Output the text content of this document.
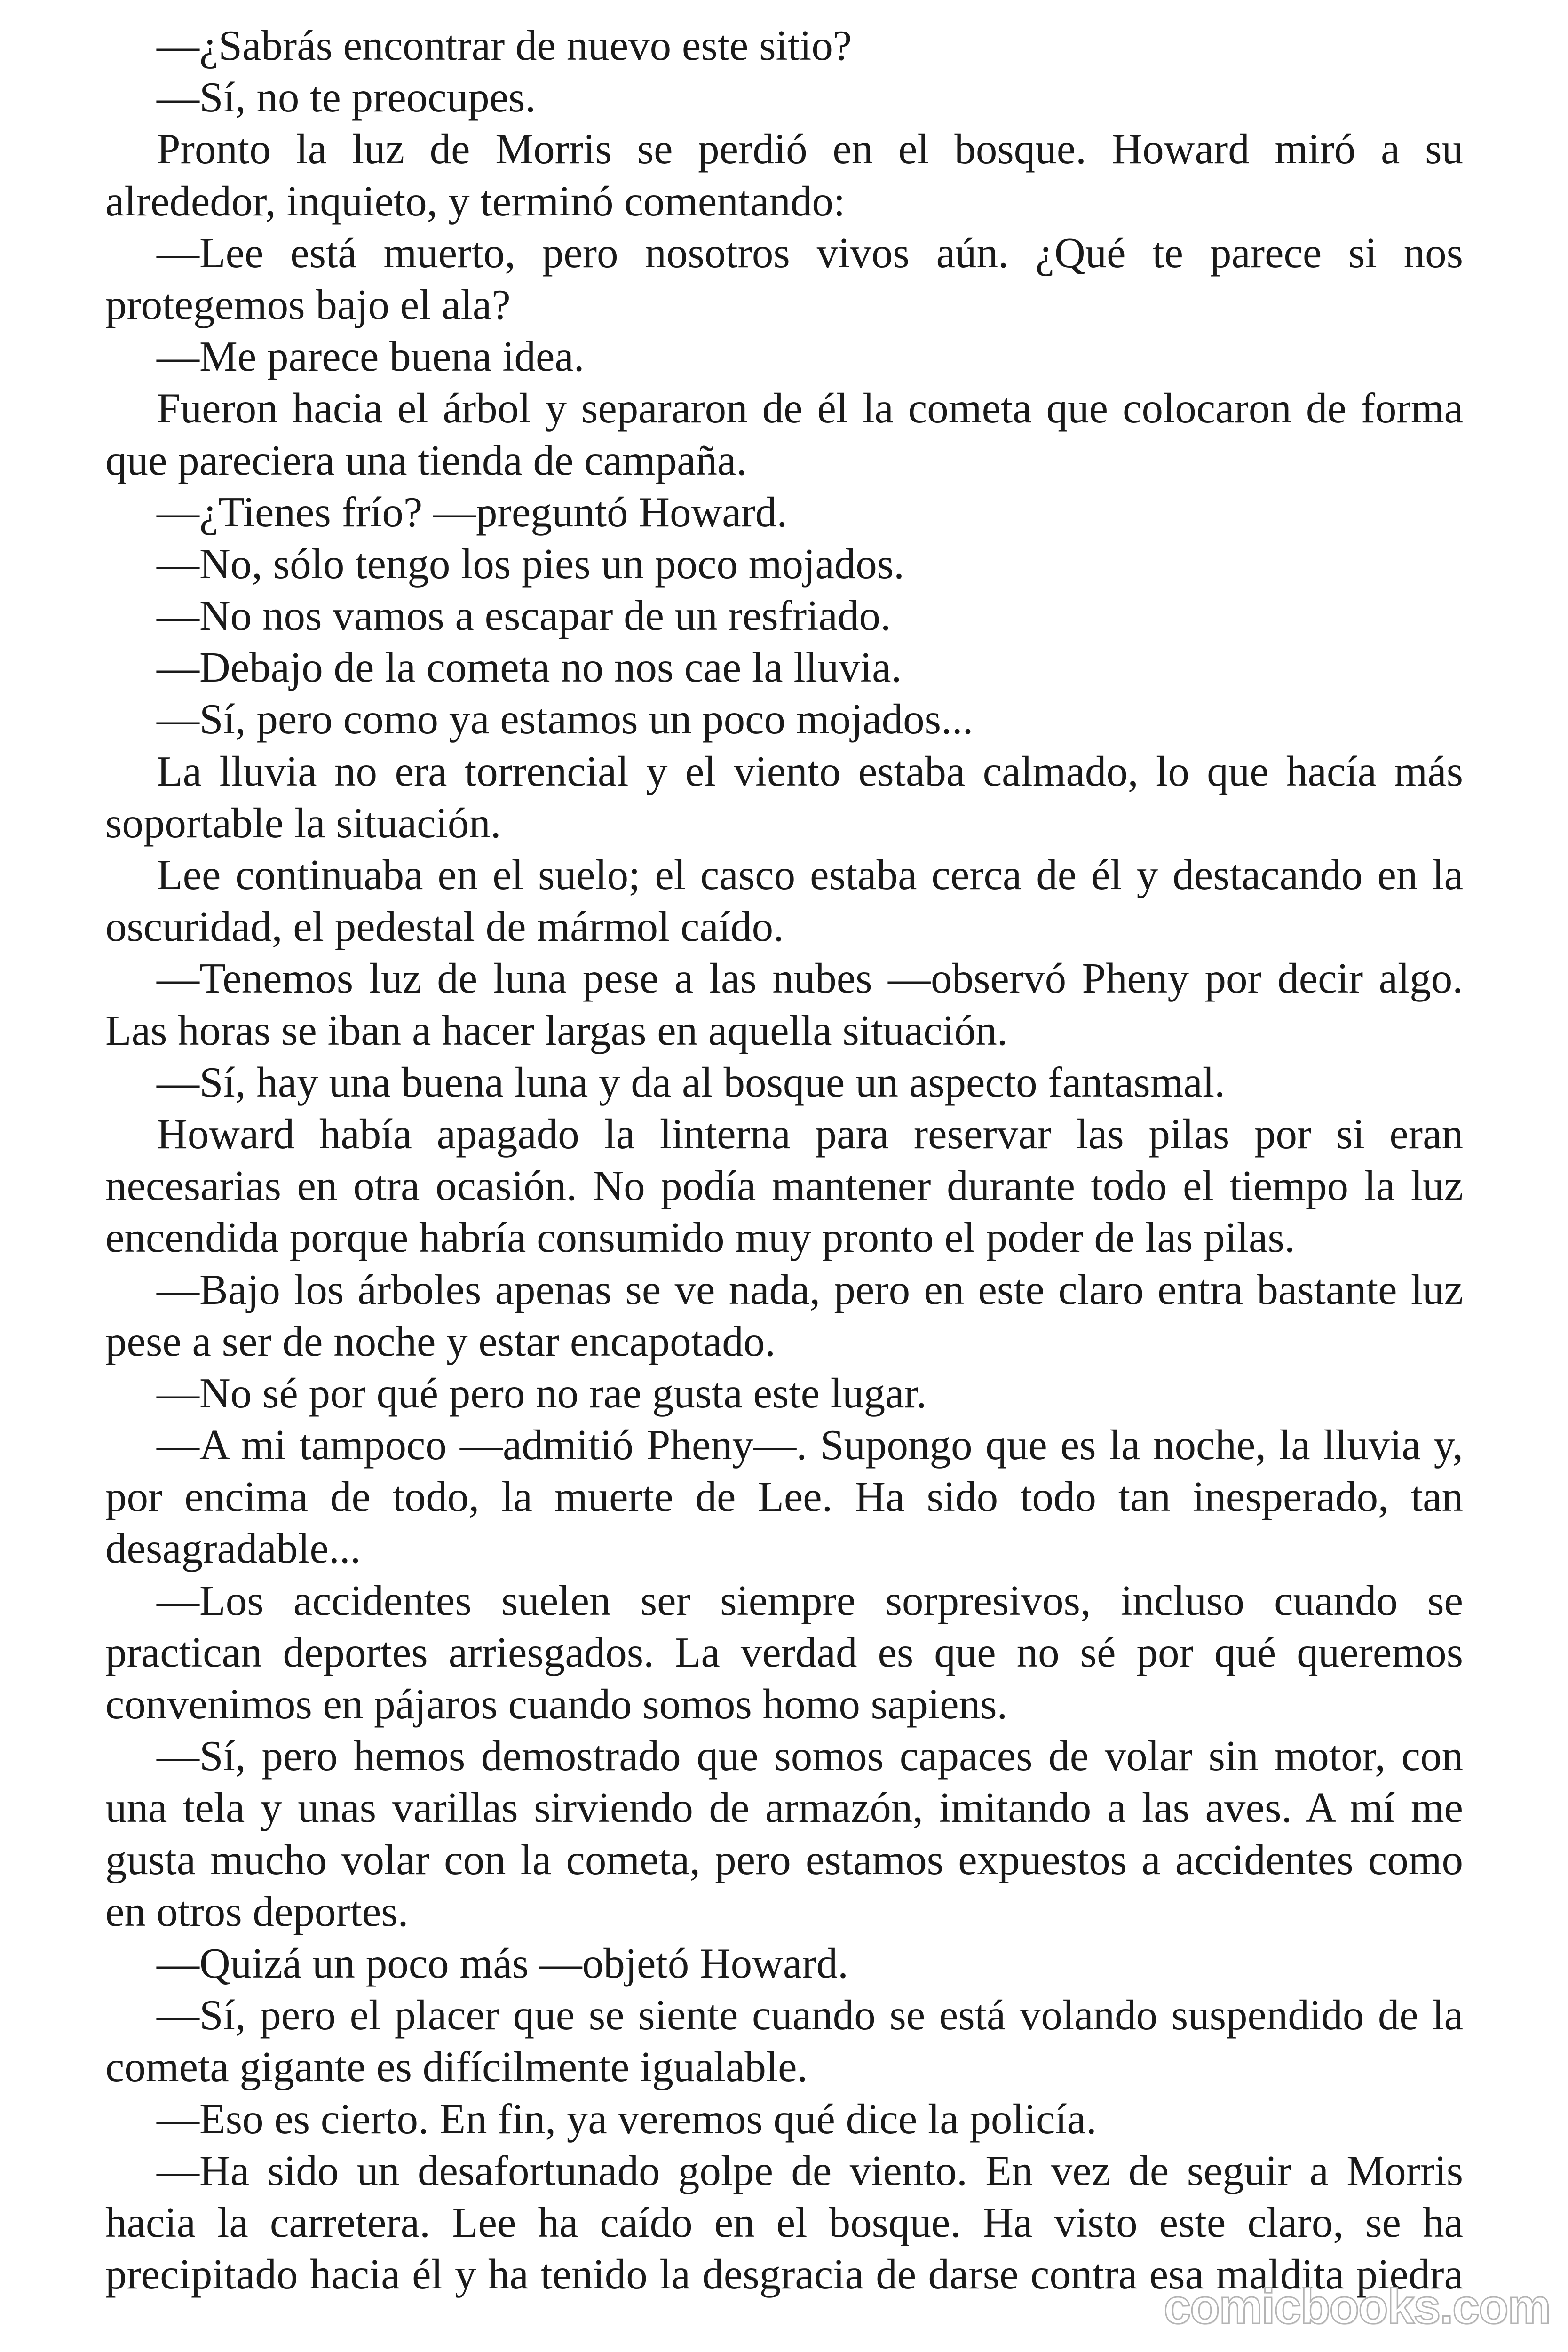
—¿Sabrás encontrar de nuevo este sitio?

—Sí, no te preocupes.

Pronto la luz de Morris se perdió en el bosque. Howard miró a su
alrededor, inquieto, y terminó comentando:

—Lee está muerto, pero nosotros vivos aún. ¿Qué te parece si nos
protegemos bajo el ala?

—Me parece buena idea.

Fueron hacia el árbol y separaron de él la cometa que colocaron de forma
que pareciera una tienda de campaña.

—¿Tienes frío? —preguntó Howard.

—No, sólo tengo los pies un poco mojados.

—No nos vamos a escapar de un resfriado.

—Debajo de la cometa no nos cae la lluvia.

—Sí, pero como ya estamos un poco mojados...

La lluvia no era torrencial y el viento estaba calmado, lo que hacía más
soportable la situación.

Lee continuaba en el suelo; el casco estaba cerca de él y destacando en la
oscuridad, el pedestal de mármol caído.

—Tenemos luz de luna pese a las nubes —observó Pheny por decir algo.
Las horas se iban a hacer largas en aquella situación.

—Sí, hay una buena luna y da al bosque un aspecto fantasmal.

Howard había apagado la linterna para reservar las pilas por si eran
necesarias en otra ocasión. No podía mantener durante todo el tiempo la luz
encendida porque habría consumido muy pronto el poder de las pilas.

—Bajo los árboles apenas se ve nada, pero en este claro entra bastante luz
pese a ser de noche y estar encapotado.

—No sé por qué pero no rae gusta este lugar.

—A mi tampoco —admitió Pheny—. Supongo que es la noche, la lluvia y,
por encima de todo, la muerte de Lee. Ha sido todo tan inesperado, tan
desagradable...

—Los accidentes suelen ser siempre sorpresivos, incluso cuando se
practican deportes arriesgados. La verdad es que no sé por qué queremos
convenimos en pájaros cuando somos homo sapiens.

—Sí, pero hemos demostrado que somos capaces de volar sin motor, con
una tela y unas varillas sirviendo de armazón, imitando a las aves. A mí me
gusta mucho volar con la cometa, pero estamos expuestos a accidentes como
en otros deportes.

—Quizá un poco más —objetó Howard.

—Sí, pero el placer que se siente cuando se está volando suspendido de la
cometa gigante es difícilmente igualable.

—Eso es cierto. En fin, ya veremos qué dice la policía.

—Ha sido un desafortunado golpe de viento. En vez de seguir a Morris
hacia la carretera. Lee ha caído en el bosque. Ha visto este claro, se ha
precipitado hacia él y ha tenido la desgracia de darse contra esa maldita piedra

comicbooks.com
